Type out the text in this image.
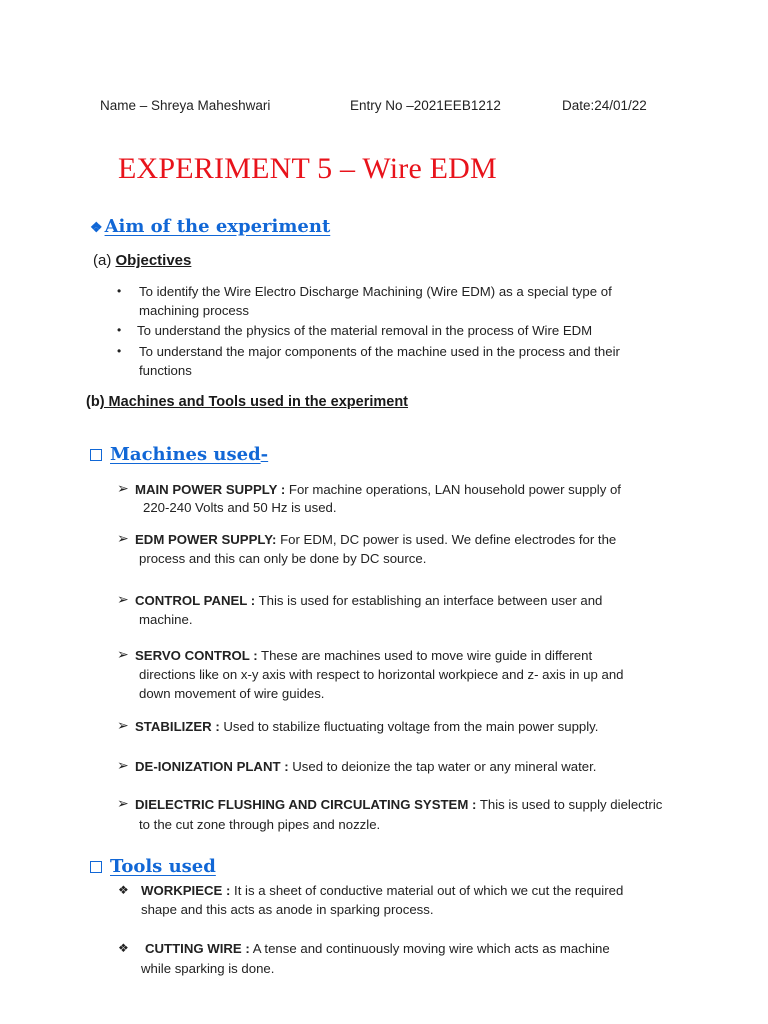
Name – Shreya Maheshwari	Entry No –2021EEB1212	Date:24/01/22
EXPERIMENT 5 – Wire EDM
❖ Aim of the experiment
(a) Objectives
• To identify the Wire Electro Discharge Machining (Wire EDM) as a special type of
machining process
• To understand the physics of the material removal in the process of Wire EDM
• To understand the major components of the machine used in the process and their
functions
(b) Machines and Tools used in the experiment
Machines used-
➢ MAIN POWER SUPPLY : For machine operations, LAN household power supply of
220-240 Volts and 50 Hz is used.
➢ EDM POWER SUPPLY: For EDM, DC power is used. We define electrodes for the
process and this can only be done by DC source.
➢ CONTROL PANEL : This is used for establishing an interface between user and
machine.
➢ SERVO CONTROL : These are machines used to move wire guide in different
directions like on x-y axis with respect to horizontal workpiece and z- axis in up and
down movement of wire guides.
➢ STABILIZER : Used to stabilize fluctuating voltage from the main power supply.
➢ DE-IONIZATION PLANT : Used to deionize the tap water or any mineral water.
➢ DIELECTRIC FLUSHING AND CIRCULATING SYSTEM : This is used to supply dielectric
to the cut zone through pipes and nozzle.
Tools used
❖ WORKPIECE : It is a sheet of conductive material out of which we cut the required
shape and this acts as anode in sparking process.
❖ CUTTING WIRE : A tense and continuously moving wire which acts as machine
while sparking is done.
